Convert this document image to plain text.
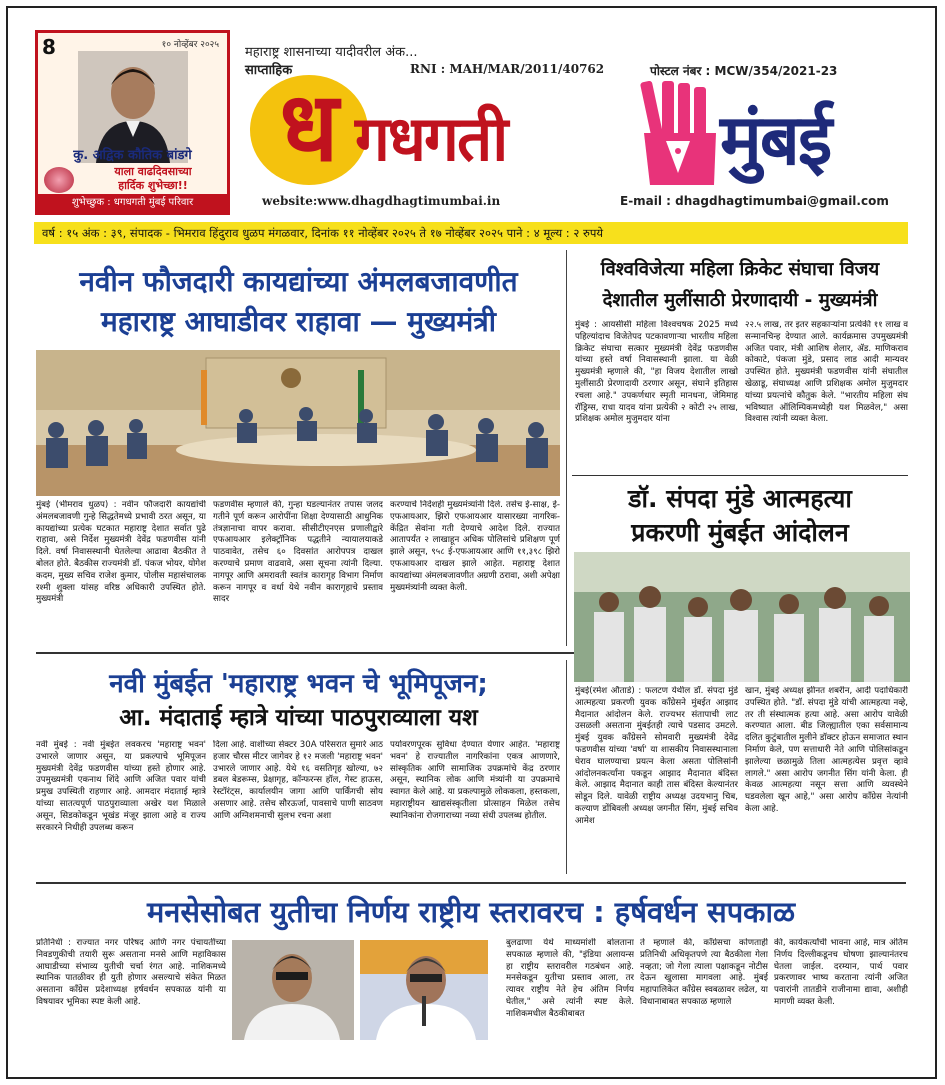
8	१० नोव्हेंबर २०२५
कु. अद्विक कौतिक बांडगे
याला वाढदिवसाच्या
हार्दिक शुभेच्छा!!
शुभेच्छुक : धगधगती मुंबई परिवार
महाराष्ट्र शासनाच्या यादीवरील अंक...
साप्ताहिक	RNI : MAH/MAR/2011/40762	पोस्टल नंबर : MCW/354/2021-23
ध गधगती	मुंबई
website:www.dhagdhagtimumbai.in	E-mail : dhagdhagtimumbai@gmail.com
वर्ष : १५ अंक : ३९, संपादक - भिमराव हिंदुराव धुळप मंगळवार, दिनांक ११ नोव्हेंबर २०२५ ते १७ नोव्हेंबर २०२५ पाने : ४ मूल्य : २ रुपये
नवीन फौजदारी कायद्यांच्या अंमलबजावणीत
महाराष्ट्र आघाडीवर राहावा — मुख्यमंत्री
मुंबई (भीमराव धुळप) : नवीन फौजदारी कायद्यांची अंमलबजावणी गुन्हे सिद्धतेमध्ये प्रभावी ठरत असून, या कायद्यांच्या प्रत्येक घटकात महाराष्ट्र देशात सर्वात पुढे राहावा, असे निर्देश मुख्यमंत्री देवेंद्र फडणवीस यांनी दिले. वर्षा निवासस्थानी घेतलेल्या आढावा बैठकीत ते बोलत होते. बैठकीस राज्यमंत्री डॉ. पंकज भोयर, योगेश कदम, मुख्य सचिव राजेश कुमार, पोलीस महासंचालक रश्मी शुक्ला यांसह वरिष्ठ अधिकारी उपस्थित होते. मुख्यमंत्री
फडणवीस म्हणाले की, गुन्हा घडल्यानंतर तपास जलद गतीने पूर्ण करून आरोपींना शिक्षा देण्यासाठी आधुनिक तंत्रज्ञानाचा वापर करावा. सीसीटीएनएस प्रणालीद्वारे एफआयआर इलेक्ट्रॉनिक पद्धतीने न्यायालयाकडे पाठवावेत, तसेच ६० दिवसांत आरोपपत्र दाखल करण्याचे प्रमाण वाढवावे, असा सूचना त्यांनी दिल्या. नागपूर आणि अमरावती स्वतंत्र कारागृह विभाग निर्माण करून नागपूर व वर्धा येथे नवीन कारागृहाचे प्रस्ताव सादर
करण्याचे निर्देशही मुख्यमंत्र्यांनी दिले. तसेच ई-साक्ष, ई-एफआयआर, झिरो एफआयआर यासारख्या नागरिक-केंद्रित सेवांना गती देण्याचे आदेश दिले. राज्यात आतापर्यंत २ लाखाहून अधिक पोलिसांचे प्रशिक्षण पूर्ण झाले असून, ९५८ ई-एफआयआर आणि ११,३९८ झिरो एफआयआर दाखल झाले आहेत. महाराष्ट्र देशात कायद्यांच्या अंमलबजावणीत अग्रणी ठरावा, अशी अपेक्षा मुख्यमंत्र्यांनी व्यक्त केली.
विश्वविजेत्या महिला क्रिकेट संघाचा विजय
देशातील मुलींसाठी प्रेरणादायी - मुख्यमंत्री
मुंबई : आयसीसी महिला विश्वचषक 2025 मध्ये पहिल्यांदाच विजेतेपद पटकावणाऱ्या भारतीय महिला क्रिकेट संघाचा सत्कार मुख्यमंत्री देवेंद्र फडणवीस यांच्या हस्ते वर्षा निवासस्थानी झाला. या वेळी मुख्यमंत्री म्हणाले की, "हा विजय देशातील लाखो मुलींसाठी प्रेरणादायी ठरणार असून, संघाने इतिहास रचला आहे." उपकर्णधार स्मृती मानधना, जेमिमाह रॉड्रिग्स, राधा यादव यांना प्रत्येकी २ कोटी २५ लाख, प्रशिक्षक अमोल मुजुमदार यांना
२२.५ लाख, तर इतर सहकाऱ्यांना प्रत्येकी ११ लाख व सन्मानचिन्ह देण्यात आले. कार्यक्रमास उपमुख्यमंत्री अजित पवार, मंत्री आशिष शेलार, ॲड. माणिकराव कोकाटे, पंकजा मुंडे, प्रसाद लाड आदी मान्यवर उपस्थित होते. मुख्यमंत्री फडणवीस यांनी संघातील खेळाडू, संघाध्यक्ष आणि प्रशिक्षक अमोल मुजुमदार यांच्या प्रयत्नांचे कौतुक केले. "भारतीय महिला संघ भविष्यात ऑलिम्पिकमध्येही यश मिळवेल," असा विश्वास त्यांनी व्यक्त केला.
डॉ. संपदा मुंडे आत्महत्या
प्रकरणी मुंबईत आंदोलन
मुंबई(रमेश औताडे) : फलटण येथील डॉ. संपदा मुंडे आत्महत्या प्रकरणी युवक काँग्रेसने मुंबईत आझाद मैदानात आंदोलन केले. राज्यभर संतापाची लाट उसळली असताना मुंबईतही त्याचे पडसाद उमटले. मुंबई युवक काँग्रेसने सोमवारी मुख्यमंत्री देवेंद्र फडणवीस यांच्या 'वर्षा' या शासकीय निवासस्थानाला घेराव घालण्याचा प्रयत्न केला असता पोलिसांनी आंदोलनकर्त्यांना पकडून आझाद मैदानात बंदिस्त केले. आझाद मैदानात काही तास बंदिस्त केल्यानंतर सोडून दिले. यावेळी राष्ट्रीय अध्यक्ष उदयभानु चिब, कल्याण डोंबिवली अध्यक्ष जगनीत सिंग, मुंबई सचिव आमेश
खान, मुंबई अध्यक्ष झीनत शबरीन, आदी पदाधिकारी उपस्थित होते. "डॉ. संपदा मुंडे यांची आत्महत्या नव्हे, तर ती संस्थात्मक हत्या आहे. असा आरोप यावेळी करण्यात आला. बीड जिल्ह्यातील एका सर्वसामान्य दलित कुटुंबातील मुलीने डॉक्टर होऊन समाजात स्थान निर्माण केले, पण सत्ताधारी नेते आणि पोलिसांकडून झालेल्या छळामुळे तिला आत्महत्येस प्रवृत्त व्हावे लागले." असा आरोप जगनीत सिंग यांनी केला. ही केवळ आत्महत्या नसून सत्ता आणि व्यवस्थेने घडवलेला खून आहे," असा आरोप काँग्रेस नेत्यांनी केला आहे.
नवी मुंबईत 'महाराष्ट्र भवन चे भूमिपूजन;
आ. मंदाताई म्हात्रे यांच्या पाठपुराव्याला यश
नवी मुंबई : नवी मुंबईत लवकरच 'महाराष्ट्र भवन' उभारले जाणार असून, या प्रकल्पाचे भूमिपूजन मुख्यमंत्री देवेंद्र फडणवीस यांच्या हस्ते होणार आहे. उपमुख्यमंत्री एकनाथ शिंदे आणि अजित पवार यांची प्रमुख उपस्थिती राहणार आहे. आमदार मंदाताई म्हात्रे यांच्या सातत्यपूर्ण पाठपुराव्याला अखेर यश मिळाले असून, सिडकोकडून भूखंड मंजूर झाला आहे व राज्य सरकारने निधीही उपलब्ध करून
दिला आहे. वाशीच्या सेक्टर 30A परिसरात सुमारे आठ हजार चौरस मीटर जागेवर हे १२ मजली 'महाराष्ट्र भवन' उभारले जाणार आहे. येथे १६ वसतिगृह खोल्या, ७२ डबल बेडरूम्स, प्रेक्षागृह, कॉन्फरन्स हॉल, गेस्ट हाऊस, रेस्टॉरंट्स, कार्यालयीन जागा आणि पार्किंगची सोय असणार आहे. तसेच सौरऊर्जा, पावसाचे पाणी साठवण आणि अग्निशमनाची सुलभ रचना अशा
पर्यावरणपूरक सुविधा देण्यात येणार आहेत. 'महाराष्ट्र भवन' हे राज्यातील नागरिकांना एकत्र आणणारे, सांस्कृतिक आणि सामाजिक उपक्रमांचे केंद्र ठरणार असून, स्थानिक लोक आणि मंत्र्यांनी या उपक्रमाचे स्वागत केले आहे. या प्रकल्पामुळे लोककला, हस्तकला, महाराष्ट्रीयन खाद्यसंस्कृतीला प्रोत्साहन मिळेल तसेच स्थानिकांना रोजगाराच्या नव्या संधी उपलब्ध होतील.
मनसेसोबत युतीचा निर्णय राष्ट्रीय स्तरावरच : हर्षवर्धन सपकाळ
प्रतिनिधी : राज्यात नगर परिषद आणि नगर पंचायतींच्या निवडणुकीची तयारी सुरू असताना मनसे आणि महाविकास आघाडीच्या संभाव्य युतीची चर्चा रंगत आहे. नाशिकमध्ये स्थानिक पातळीवर ही युती होणार असल्याचे संकेत मिळत असताना काँग्रेस प्रदेशाध्यक्ष हर्षवर्धन सपकाळ यांनी या विषयावर भूमिका स्पष्ट केली आहे.
बुलढाणा येथे माध्यमांशी बोलताना सपकाळ म्हणाले की, "इंडिया अलायन्स हा राष्ट्रीय स्तरावरील गठबंधन आहे. मनसेकडून युतीचा प्रस्ताव आला, तर त्यावर राष्ट्रीय नेते हेच अंतिम निर्णय घेतील," असे त्यांनी स्पष्ट केले. नाशिकमधील बैठकीबाबत
ते म्हणाले की, काँग्रेसचा कोणताही प्रतिनिधी अधिकृतपणे त्या बैठकीला गेला नव्हता; जो गेला त्याला पक्षाकडून नोटीस देऊन खुलासा मागवला आहे. मुंबई महापालिकेत काँग्रेस स्वबळावर लढेल, या विधानाबाबत सपकाळ म्हणाले
की, कार्यकर्त्यांची भावना आहे, मात्र अंतिम निर्णय दिल्लीकडूनच घोषणा झाल्यानंतरच घेतला जाईल. दरम्यान, पार्थ पवार प्रकरणावर भाष्य करताना त्यांनी अजित पवारांनी तातडीने राजीनामा द्यावा, अशीही मागणी व्यक्त केली.
